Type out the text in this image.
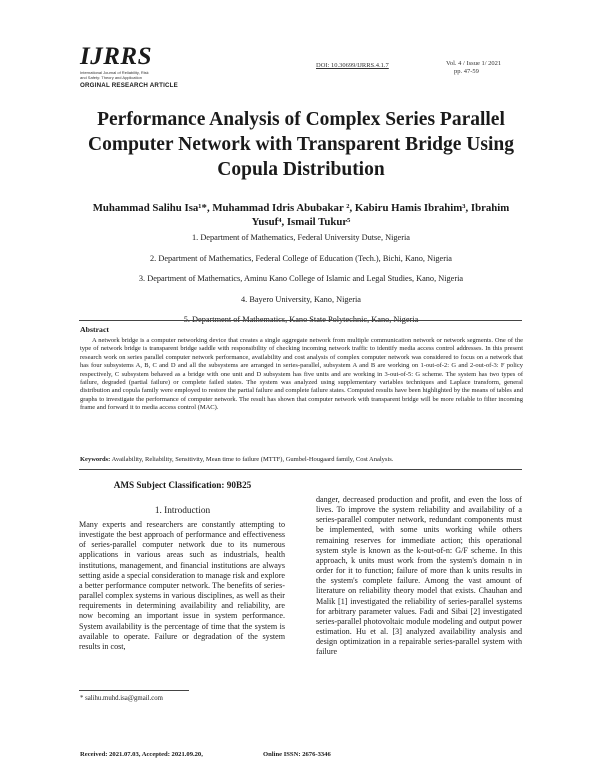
IJRRS
International Journal of Reliability, Risk and Safety: Theory and Application
ORGINAL RESEARCH ARTICLE
DOI: 10.30699/IJRRS.4.1.7	Vol. 4 / Issue 1/ 2021
pp. 47-59
Performance Analysis of Complex Series Parallel Computer Network with Transparent Bridge Using Copula Distribution
Muhammad Salihu Isa¹*, Muhammad Idris Abubakar ², Kabiru Hamis Ibrahim³, Ibrahim
Yusuf⁴, Ismail Tukur⁵
1. Department of Mathematics, Federal University Dutse, Nigeria
2. Department of Mathematics, Federal College of Education (Tech.), Bichi, Kano, Nigeria
3. Department of Mathematics, Aminu Kano College of Islamic and Legal Studies, Kano, Nigeria
4. Bayero University, Kano, Nigeria
5. Department of Mathematics, Kano State Polytechnic, Kano, Nigeria
Abstract
A network bridge is a computer networking device that creates a single aggregate network from multiple communication network or network segments. One of the type of network bridge is transparent bridge saddle with responsibility of checking incoming network traffic to identify media access control addresses. In this present research work on series parallel computer network performance, availability and cost analysis of complex computer network was considered to focus on a network that has four subsystems A, B, C and D and all the subsystems are arranged in series-parallel, subsystem A and B are working on 1-out-of-2: G and 2-out-of-3: F policy respectively, C subsystem behaved as a bridge with one unit and D subsystem has five units and are working in 3-out-of-5: G scheme. The system has two types of failure, degraded (partial failure) or complete failed states. The system was analyzed using supplementary variables techniques and Laplace transform, general distribution and copula family were employed to restore the partial failure and complete failure states. Computed results have been highlighted by the means of tables and graphs to investigate the performance of computer network. The result has shown that computer network with transparent bridge will be more reliable to filter incoming frame and forward it to media access control (MAC).
Keywords: Availability, Reliability, Sensitivity, Mean time to failure (MTTF), Gumbel-Hougaard family, Cost Analysis.
AMS Subject Classification: 90B25
1. Introduction
Many experts and researchers are constantly attempting to investigate the best approach of performance and effectiveness of series-parallel computer network due to its numerous applications in various areas such as industrials, health institutions, management, and financial institutions are always setting aside a special consideration to manage risk and explore a better performance computer network. The benefits of series-parallel complex systems in various disciplines, as well as their requirements in determining availability and reliability, are now becoming an important issue in system performance. System availability is the percentage of time that the system is available to operate. Failure or degradation of the system results in cost,
danger, decreased production and profit, and even the loss of lives. To improve the system reliability and availability of a series-parallel computer network, redundant components must be implemented, with some units working while others remaining reserves for immediate action; this operational system style is known as the k-out-of-n: G/F scheme. In this approach, k units must work from the system's domain n in order for it to function; failure of more than k units results in the system's complete failure. Among the vast amount of literature on reliability theory model that exists. Chauhan and Malik [1] investigated the reliability of series-parallel systems for arbitrary parameter values. Fadi and Sibai [2] investigated series-parallel photovoltaic module modeling and output power estimation. Hu et al. [3] analyzed availability analysis and design optimization in a repairable series-parallel system with failure
* salihu.muhd.isa@gmail.com
Received: 2021.07.03, Accepted: 2021.09.20,	Online ISSN: 2676-3346
